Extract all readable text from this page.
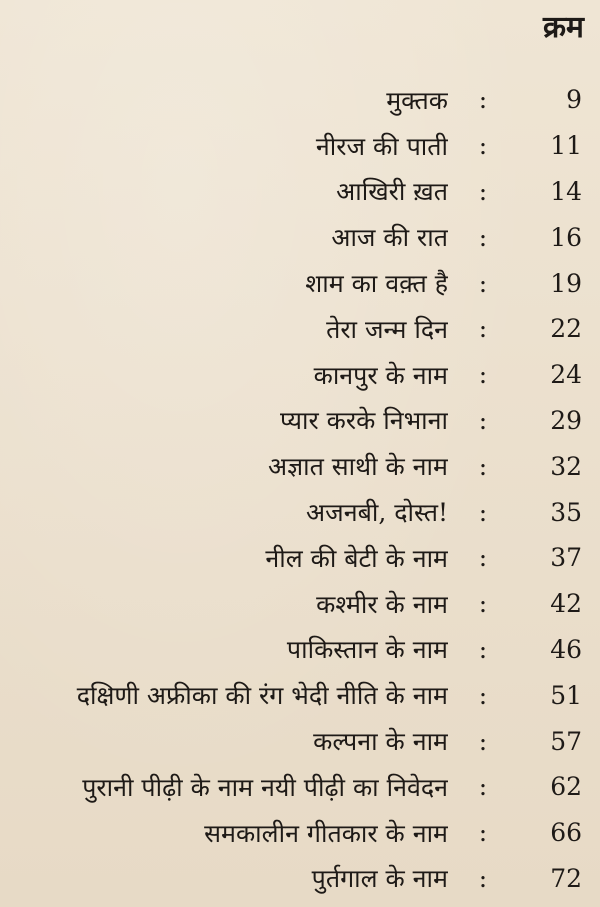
क्रम
मुक्तक	:	9
नीरज की पाती	:	11
आखिरी ख़त	:	14
आज की रात	:	16
शाम का वक़्त है	:	19
तेरा जन्म दिन	:	22
कानपुर के नाम	:	24
प्यार करके निभाना	:	29
अज्ञात साथी के नाम	:	32
अजनबी, दोस्त!	:	35
नील की बेटी के नाम	:	37
कश्मीर के नाम	:	42
पाकिस्तान के नाम	:	46
दक्षिणी अफ्रीका की रंग भेदी नीति के नाम	:	51
कल्पना के नाम	:	57
पुरानी पीढ़ी के नाम नयी पीढ़ी का निवेदन	:	62
समकालीन गीतकार के नाम	:	66
पुर्तगाल के नाम	:	72
